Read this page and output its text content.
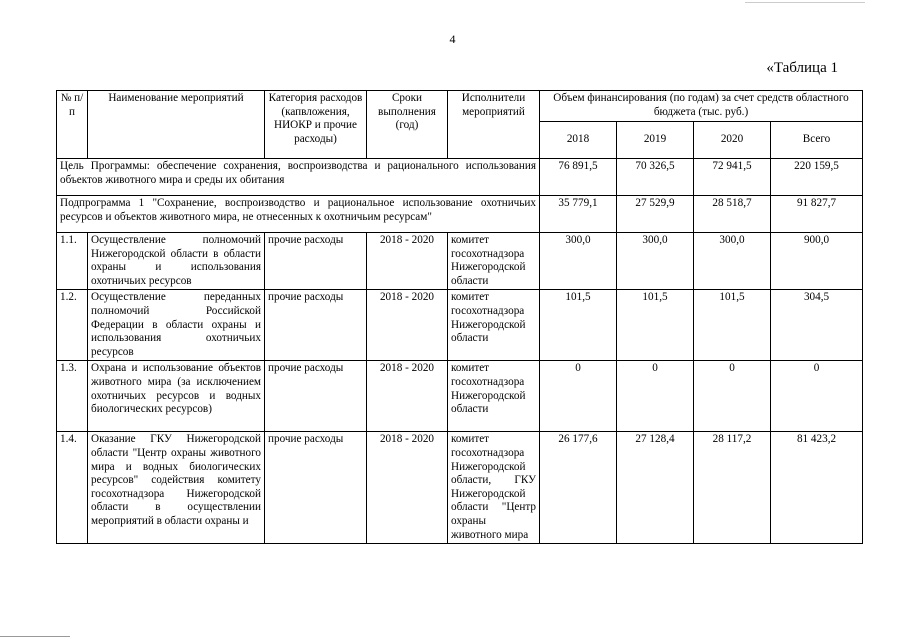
4
«Таблица 1
№ п/п	Наименование мероприятий	Категория расходов (капвложения, НИОКР и прочие расходы)	Сроки выполнения (год)	Исполнители мероприятий	Объем финансирования (по годам) за счет средств областного бюджета (тыс. руб.)			
					2018	2019	2020	Всего
Цель Программы: обеспечение сохранения, воспроизводства и рационального использования объектов животного мира и среды их обитания					76 891,5	70 326,5	72 941,5	220 159,5
Подпрограмма 1 "Сохранение, воспроизводство и рациональное использование охотничьих ресурсов и объектов животного мира, не отнесенных к охотничьим ресурсам"					35 779,1	27 529,9	28 518,7	91 827,7
1.1.	Осуществление полномочий Нижегородской области в области охраны и использования охотничьих ресурсов	прочие расходы	2018 - 2020	комитет госохотнадзора Нижегородской области	300,0	300,0	300,0	900,0
1.2.	Осуществление переданных полномочий Российской Федерации в области охраны и использования охотничьих ресурсов	прочие расходы	2018 - 2020	комитет госохотнадзора Нижегородской области	101,5	101,5	101,5	304,5
1.3.	Охрана и использование объектов животного мира (за исключением охотничьих ресурсов и водных биологических ресурсов)	прочие расходы	2018 - 2020	комитет госохотнадзора Нижегородской области	0	0	0	0
1.4.	Оказание ГКУ Нижегородской области "Центр охраны животного мира и водных биологических ресурсов" содействия комитету госохотнадзора Нижегородской области в осуществлении мероприятий в области охраны и	прочие расходы	2018 - 2020	комитет госохотнадзора Нижегородской области, ГКУ Нижегородской области "Центр охраны животного мира	26 177,6	27 128,4	28 117,2	81 423,2
